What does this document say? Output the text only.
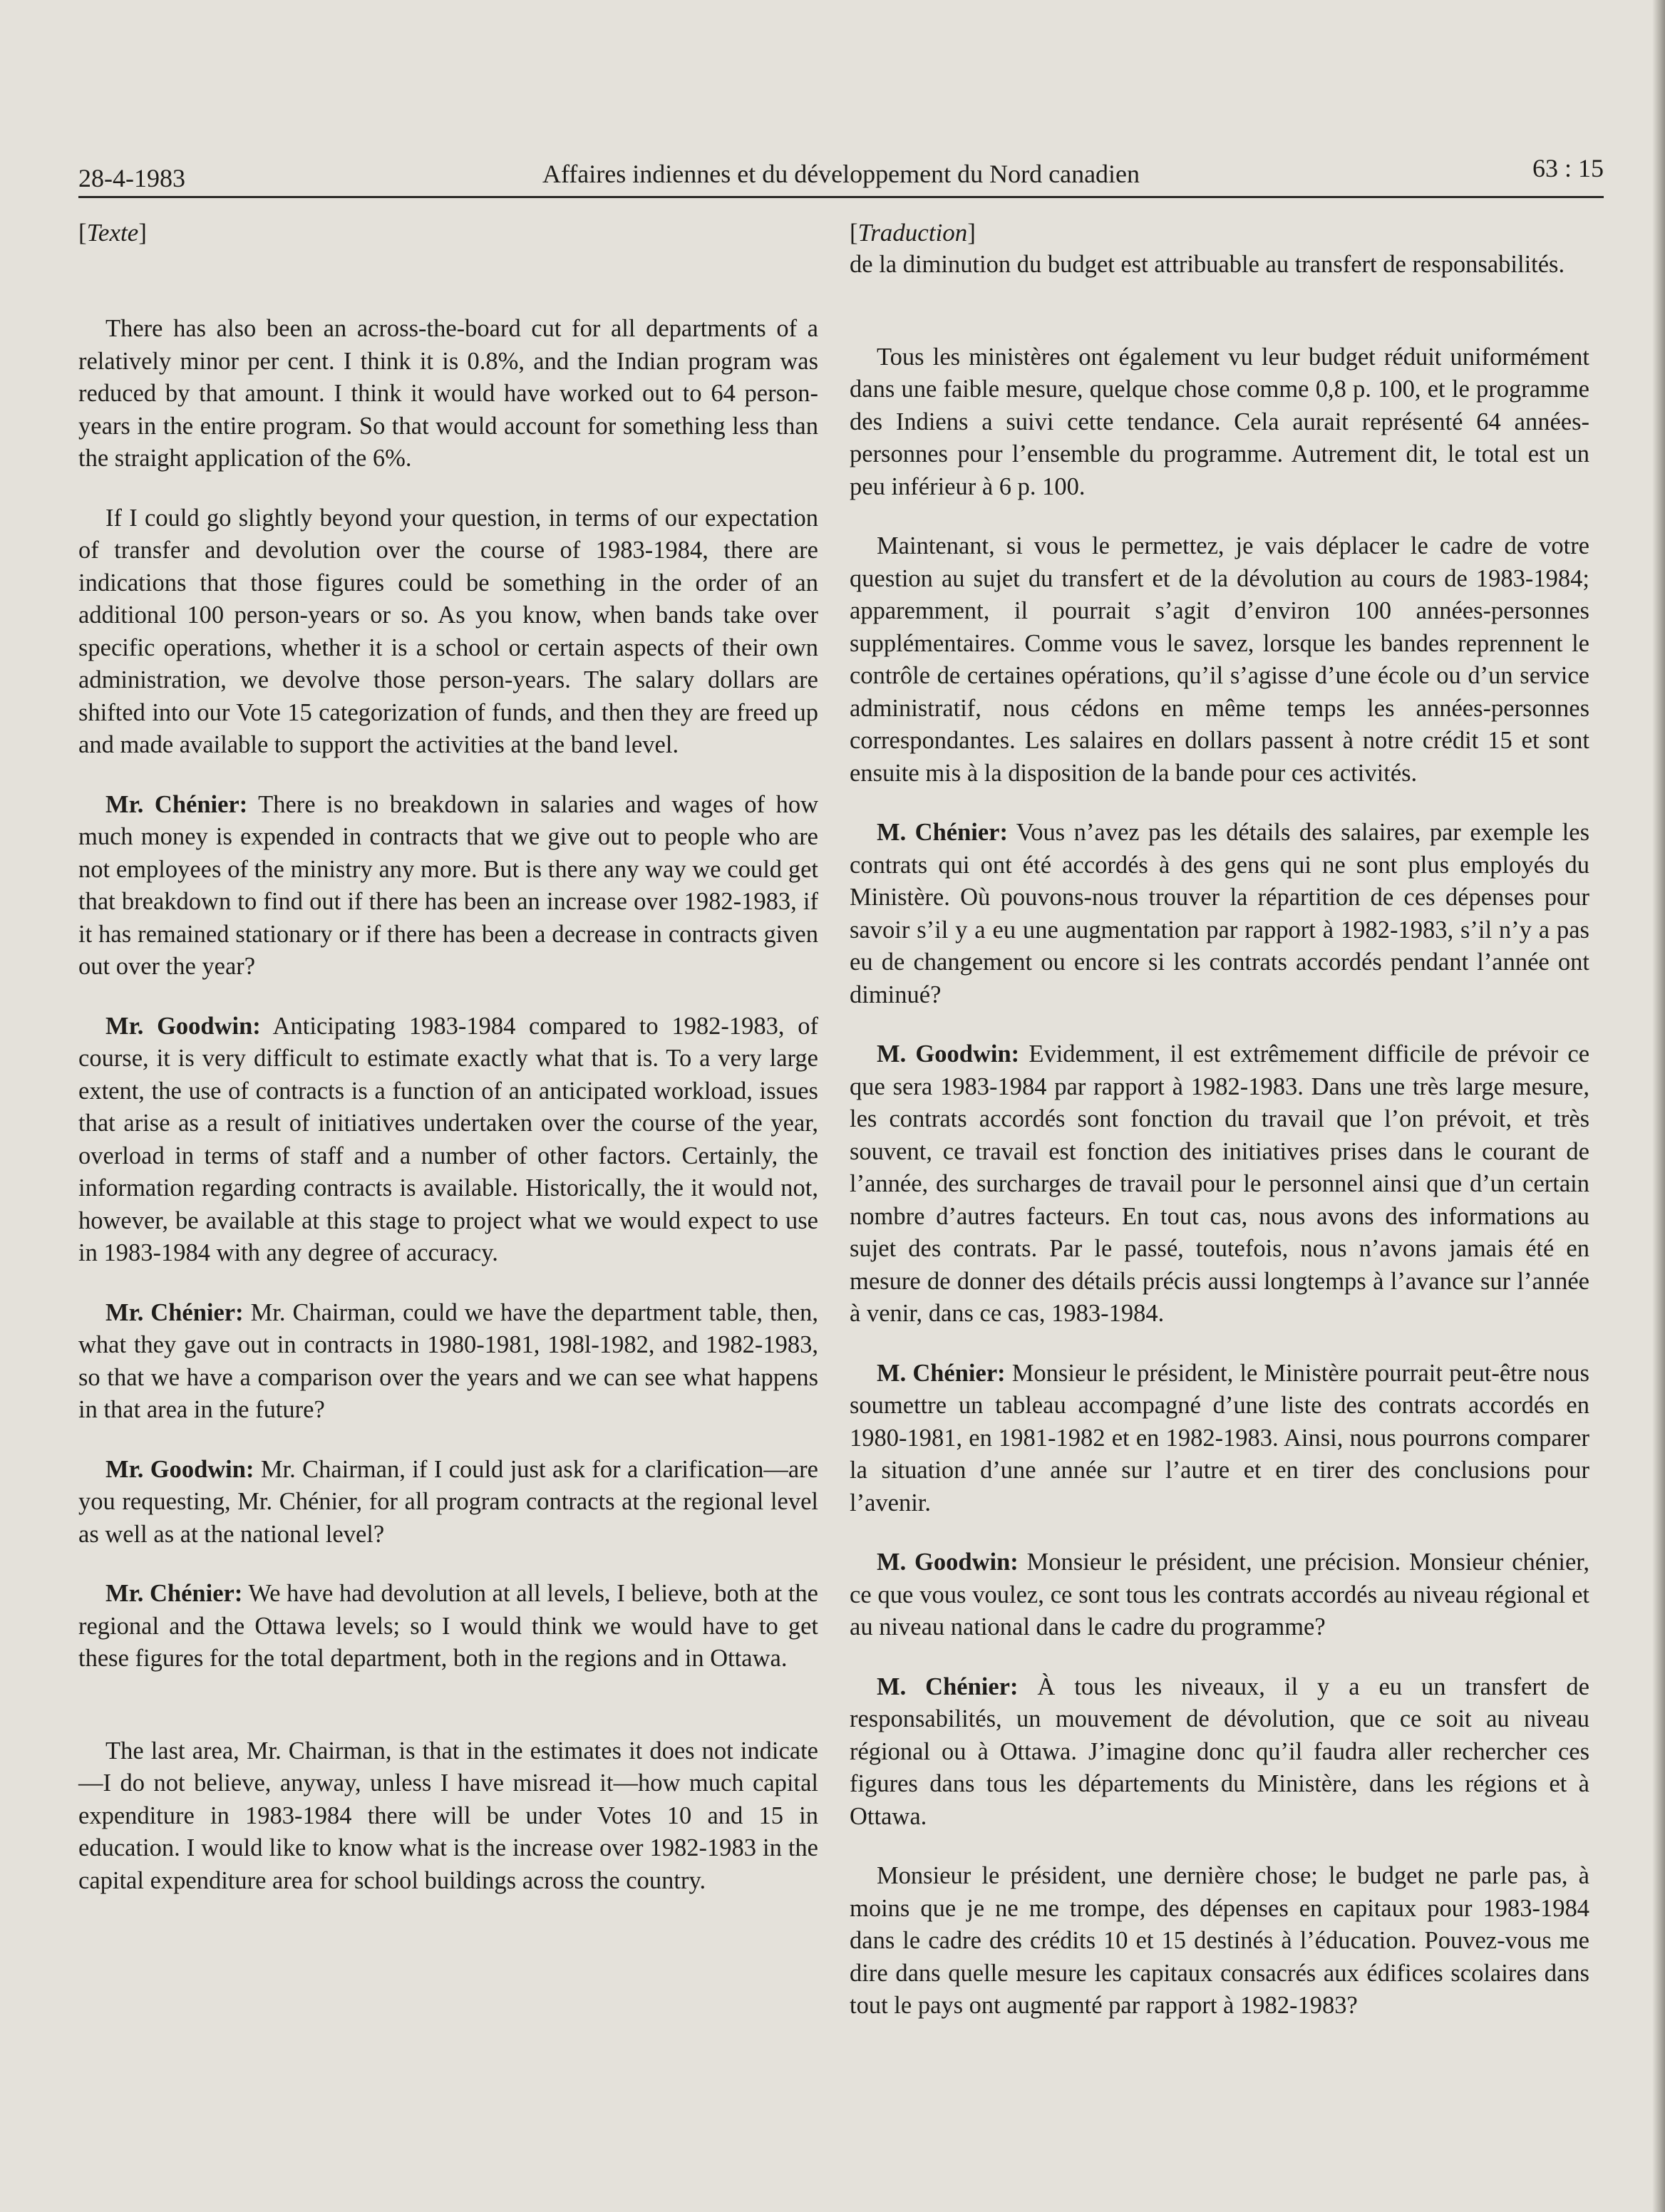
28-4-1983	Affaires indiennes et du développement du Nord canadien	63 : 15
[Texte]

There has also been an across-the-board cut for all departments of a relatively minor per cent. I think it is 0.8%, and the Indian program was reduced by that amount. I think it would have worked out to 64 person-years in the entire program. So that would account for something less than the straight application of the 6%.

If I could go slightly beyond your question, in terms of our expectation of transfer and devolution over the course of 1983-1984, there are indications that those figures could be something in the order of an additional 100 person-years or so. As you know, when bands take over specific operations, whether it is a school or certain aspects of their own administration, we devolve those person-years. The salary dollars are shifted into our Vote 15 categorization of funds, and then they are freed up and made available to support the activities at the band level.

Mr. Chénier: There is no breakdown in salaries and wages of how much money is expended in contracts that we give out to people who are not employees of the ministry any more. But is there any way we could get that breakdown to find out if there has been an increase over 1982-1983, if it has remained stationary or if there has been a decrease in contracts given out over the year?

Mr. Goodwin: Anticipating 1983-1984 compared to 1982-1983, of course, it is very difficult to estimate exactly what that is. To a very large extent, the use of contracts is a function of an anticipated workload, issues that arise as a result of initiatives undertaken over the course of the year, overload in terms of staff and a number of other factors. Certainly, the information regarding contracts is available. Historically, the it would not, however, be available at this stage to project what we would expect to use in 1983-1984 with any degree of accuracy.

Mr. Chénier: Mr. Chairman, could we have the department table, then, what they gave out in contracts in 1980-1981, 198l-1982, and 1982-1983, so that we have a comparison over the years and we can see what happens in that area in the future?

Mr. Goodwin: Mr. Chairman, if I could just ask for a clarification—are you requesting, Mr. Chénier, for all program contracts at the regional level as well as at the national level?

Mr. Chénier: We have had devolution at all levels, I believe, both at the regional and the Ottawa levels; so I would think we would have to get these figures for the total department, both in the regions and in Ottawa.

The last area, Mr. Chairman, is that in the estimates it does not indicate—I do not believe, anyway, unless I have misread it—how much capital expenditure in 1983-1984 there will be under Votes 10 and 15 in education. I would like to know what is the increase over 1982-1983 in the capital expenditure area for school buildings across the country.

[Traduction]

de la diminution du budget est attribuable au transfert de responsabilités.

Tous les ministères ont également vu leur budget réduit uniformément dans une faible mesure, quelque chose comme 0,8 p. 100, et le programme des Indiens a suivi cette tendance. Cela aurait représenté 64 années-personnes pour l’ensemble du programme. Autrement dit, le total est un peu inférieur à 6 p. 100.

Maintenant, si vous le permettez, je vais déplacer le cadre de votre question au sujet du transfert et de la dévolution au cours de 1983-1984; apparemment, il pourrait s’agit d’environ 100 années-personnes supplémentaires. Comme vous le savez, lorsque les bandes reprennent le contrôle de certaines opérations, qu’il s’agisse d’une école ou d’un service administratif, nous cédons en même temps les années-personnes correspondantes. Les salaires en dollars passent à notre crédit 15 et sont ensuite mis à la disposition de la bande pour ces activités.

M. Chénier: Vous n’avez pas les détails des salaires, par exemple les contrats qui ont été accordés à des gens qui ne sont plus employés du Ministère. Où pouvons-nous trouver la répartition de ces dépenses pour savoir s’il y a eu une augmentation par rapport à 1982-1983, s’il n’y a pas eu de changement ou encore si les contrats accordés pendant l’année ont diminué?

M. Goodwin: Evidemment, il est extrêmement difficile de prévoir ce que sera 1983-1984 par rapport à 1982-1983. Dans une très large mesure, les contrats accordés sont fonction du travail que l’on prévoit, et très souvent, ce travail est fonction des initiatives prises dans le courant de l’année, des surcharges de travail pour le personnel ainsi que d’un certain nombre d’autres facteurs. En tout cas, nous avons des informations au sujet des contrats. Par le passé, toutefois, nous n’avons jamais été en mesure de donner des détails précis aussi longtemps à l’avance sur l’année à venir, dans ce cas, 1983-1984.

M. Chénier: Monsieur le président, le Ministère pourrait peut-être nous soumettre un tableau accompagné d’une liste des contrats accordés en 1980-1981, en 1981-1982 et en 1982-1983. Ainsi, nous pourrons comparer la situation d’une année sur l’autre et en tirer des conclusions pour l’avenir.

M. Goodwin: Monsieur le président, une précision. Monsieur chénier, ce que vous voulez, ce sont tous les contrats accordés au niveau régional et au niveau national dans le cadre du programme?

M. Chénier: À tous les niveaux, il y a eu un transfert de responsabilités, un mouvement de dévolution, que ce soit au niveau régional ou à Ottawa. J’imagine donc qu’il faudra aller rechercher ces figures dans tous les départements du Ministère, dans les régions et à Ottawa.

Monsieur le président, une dernière chose; le budget ne parle pas, à moins que je ne me trompe, des dépenses en capitaux pour 1983-1984 dans le cadre des crédits 10 et 15 destinés à l’éducation. Pouvez-vous me dire dans quelle mesure les capitaux consacrés aux édifices scolaires dans tout le pays ont augmenté par rapport à 1982-1983?
